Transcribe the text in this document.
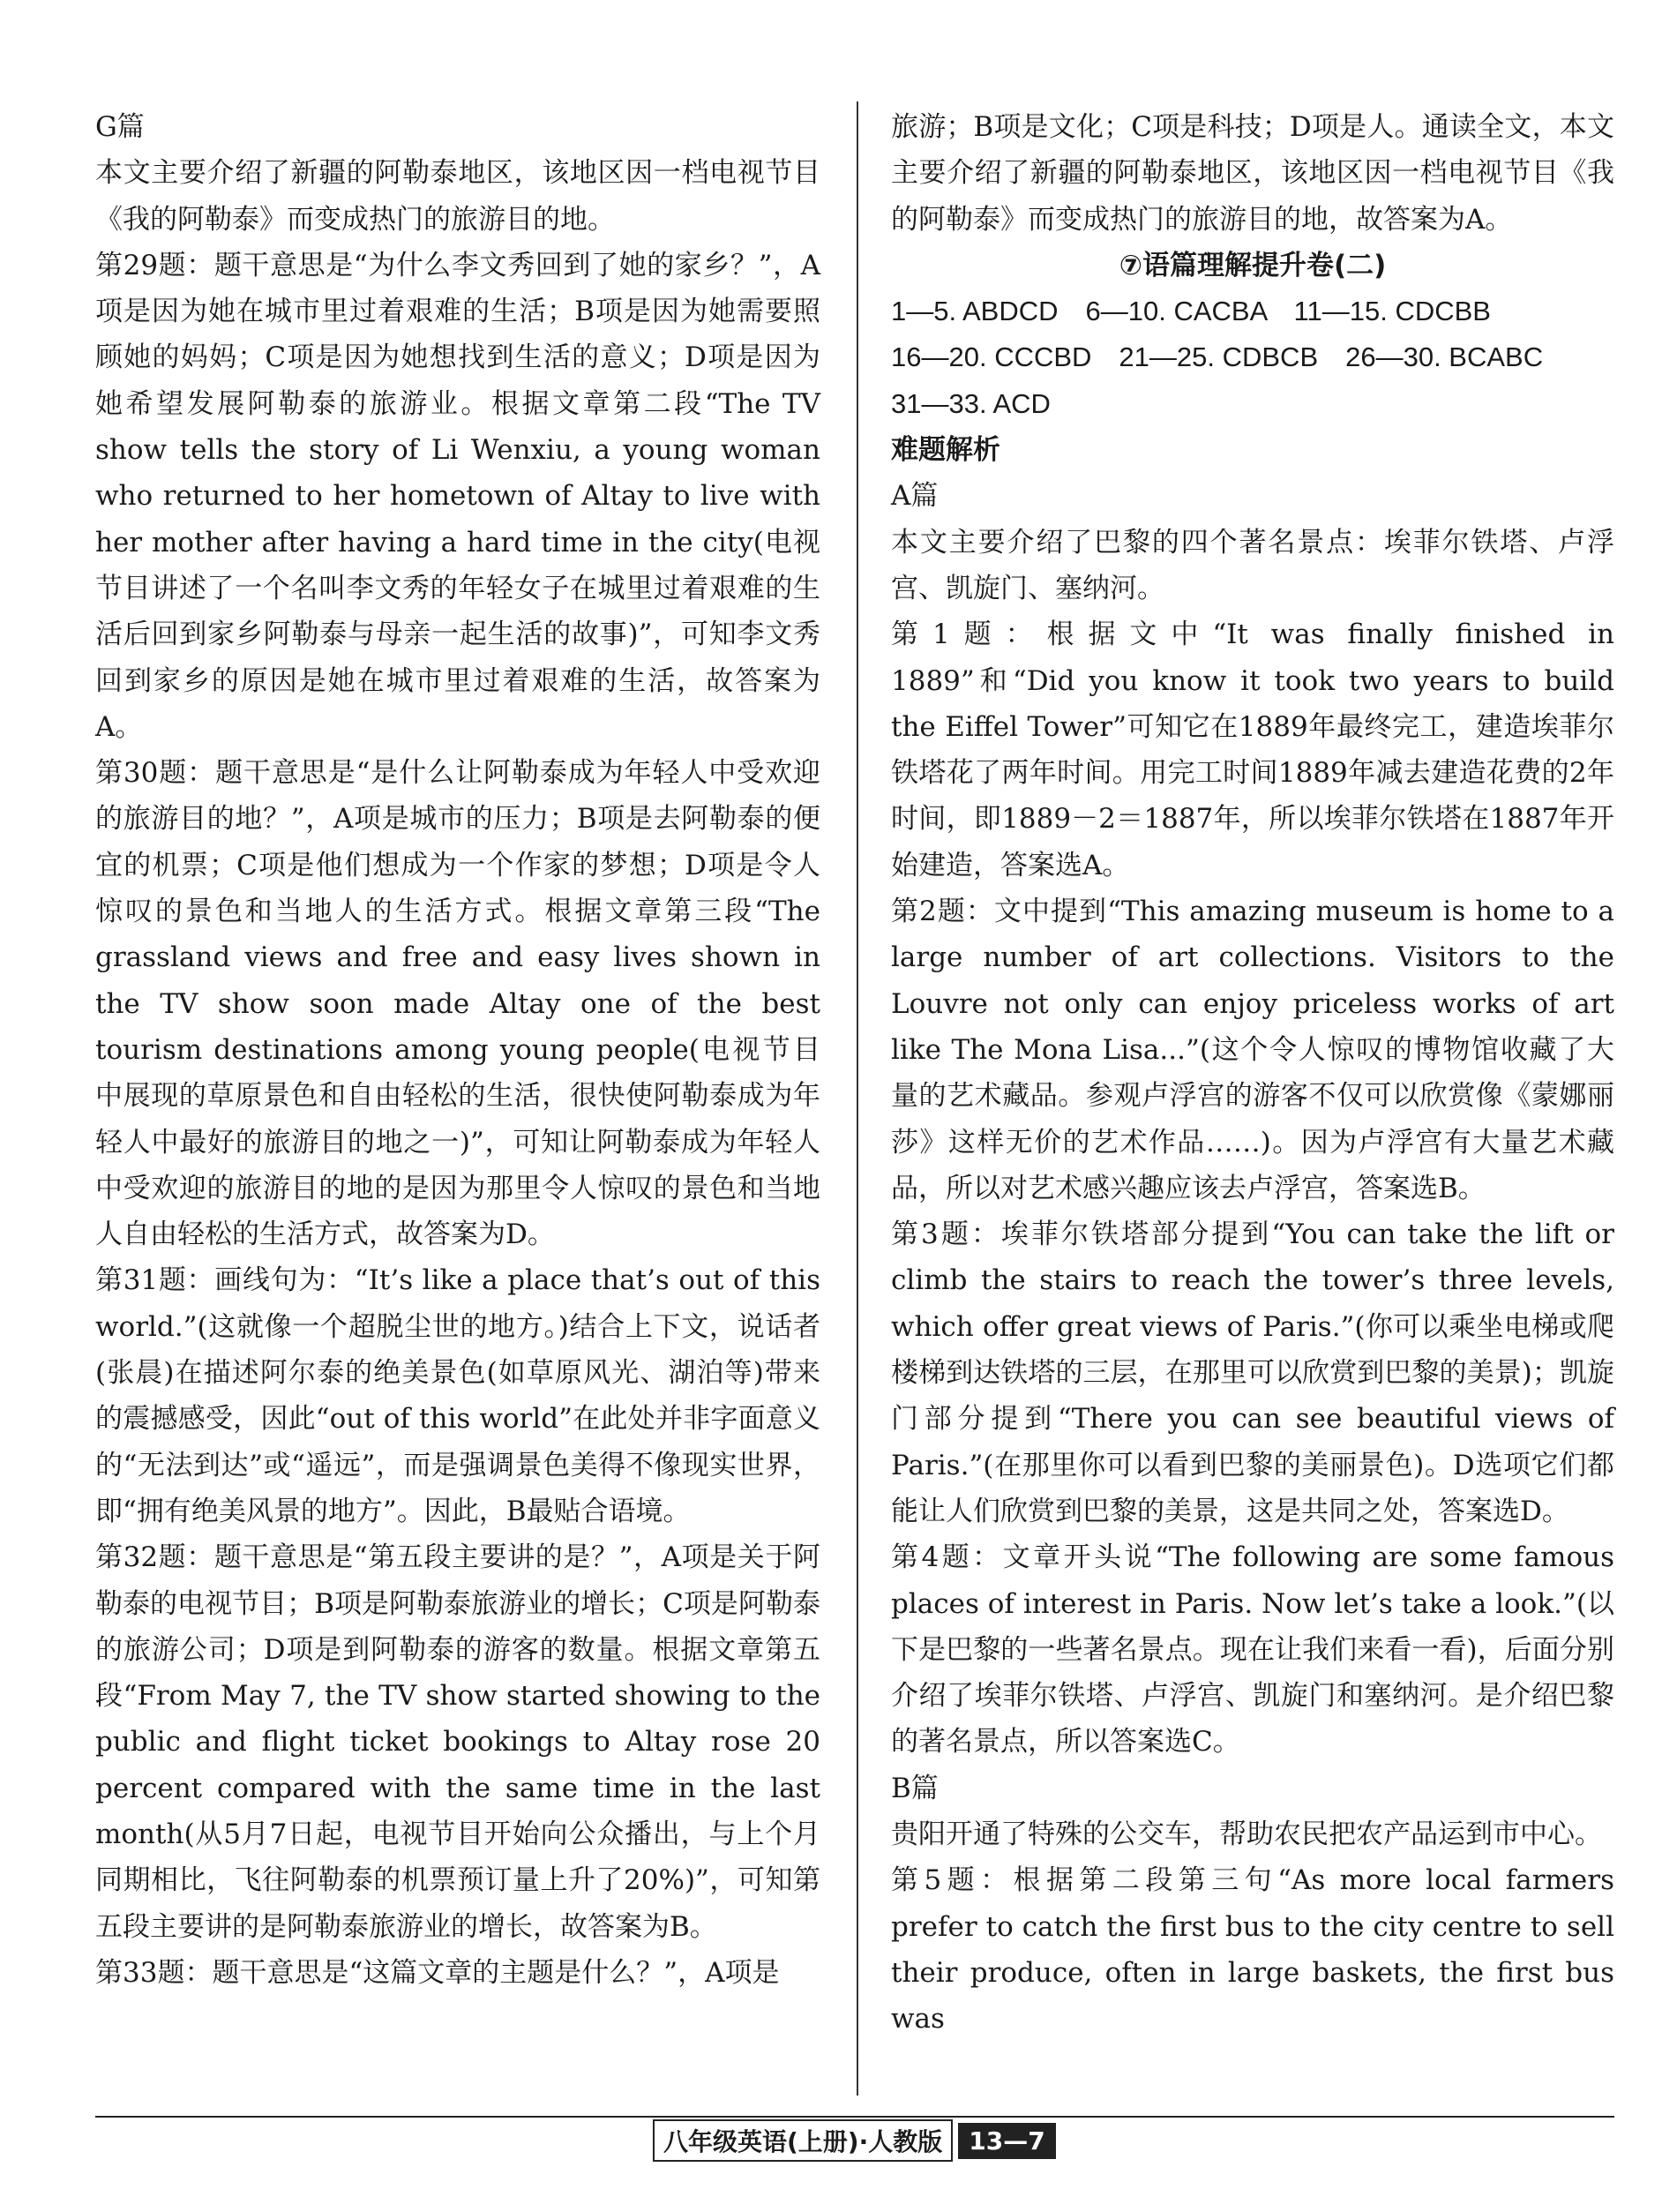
G篇

本文主要介绍了新疆的阿勒泰地区，该地区因一档电视节目《我的阿勒泰》而变成热门的旅游目的地。

第29题：题干意思是“为什么李文秀回到了她的家乡？”，A项是因为她在城市里过着艰难的生活；B项是因为她需要照顾她的妈妈；C项是因为她想找到生活的意义；D项是因为她希望发展阿勒泰的旅游业。根据文章第二段“The TV show tells the story of Li Wenxiu, a young woman who returned to her hometown of Altay to live with her mother after having a hard time in the city(电视节目讲述了一个名叫李文秀的年轻女子在城里过着艰难的生活后回到家乡阿勒泰与母亲一起生活的故事)”，可知李文秀回到家乡的原因是她在城市里过着艰难的生活，故答案为A。

第30题：题干意思是“是什么让阿勒泰成为年轻人中受欢迎的旅游目的地？”，A项是城市的压力；B项是去阿勒泰的便宜的机票；C项是他们想成为一个作家的梦想；D项是令人惊叹的景色和当地人的生活方式。根据文章第三段“The grassland views and free and easy lives shown in the TV show soon made Altay one of the best tourism destinations among young people(电视节目中展现的草原景色和自由轻松的生活，很快使阿勒泰成为年轻人中最好的旅游目的地之一)”，可知让阿勒泰成为年轻人中受欢迎的旅游目的地的是因为那里令人惊叹的景色和当地人自由轻松的生活方式，故答案为D。

第31题：画线句为：“It’s like a place that’s out of this world.”(这就像一个超脱尘世的地方。)结合上下文，说话者(张晨)在描述阿尔泰的绝美景色(如草原风光、湖泊等)带来的震撼感受，因此“out of this world”在此处并非字面意义的“无法到达”或“遥远”，而是强调景色美得不像现实世界，即“拥有绝美风景的地方”。因此，B最贴合语境。

第32题：题干意思是“第五段主要讲的是？”，A项是关于阿勒泰的电视节目；B项是阿勒泰旅游业的增长；C项是阿勒泰的旅游公司；D项是到阿勒泰的游客的数量。根据文章第五段“From May 7, the TV show started showing to the public and flight ticket bookings to Altay rose 20 percent compared with the same time in the last month(从5月7日起，电视节目开始向公众播出，与上个月同期相比，飞往阿勒泰的机票预订量上升了20%)”，可知第五段主要讲的是阿勒泰旅游业的增长，故答案为B。

第33题：题干意思是“这篇文章的主题是什么？”，A项是

旅游；B项是文化；C项是科技；D项是人。通读全文，本文主要介绍了新疆的阿勒泰地区，该地区因一档电视节目《我的阿勒泰》而变成热门的旅游目的地，故答案为A。

⑦语篇理解提升卷(二)

1—5. ABDCD　6—10. CACBA　11—15. CDCBB

16—20. CCCBD　21—25. CDBCB　26—30. BCABC

31—33. ACD

难题解析

A篇

本文主要介绍了巴黎的四个著名景点：埃菲尔铁塔、卢浮宫、凯旋门、塞纳河。

第1题：根据文中“It was finally finished in 1889”和“Did you know it took two years to build the Eiffel Tower”可知它在1889年最终完工，建造埃菲尔铁塔花了两年时间。用完工时间1889年减去建造花费的2年时间，即1889－2＝1887年，所以埃菲尔铁塔在1887年开始建造，答案选A。

第2题：文中提到“This amazing museum is home to a large number of art collections. Visitors to the Louvre not only can enjoy priceless works of art like The Mona Lisa...”(这个令人惊叹的博物馆收藏了大量的艺术藏品。参观卢浮宫的游客不仅可以欣赏像《蒙娜丽莎》这样无价的艺术作品……)。因为卢浮宫有大量艺术藏品，所以对艺术感兴趣应该去卢浮宫，答案选B。

第3题：埃菲尔铁塔部分提到“You can take the lift or climb the stairs to reach the tower’s three levels, which offer great views of Paris.”(你可以乘坐电梯或爬楼梯到达铁塔的三层，在那里可以欣赏到巴黎的美景)；凯旋门部分提到“There you can see beautiful views of Paris.”(在那里你可以看到巴黎的美丽景色)。D选项它们都能让人们欣赏到巴黎的美景，这是共同之处，答案选D。

第4题：文章开头说“The following are some famous places of interest in Paris. Now let’s take a look.”(以下是巴黎的一些著名景点。现在让我们来看一看)，后面分别介绍了埃菲尔铁塔、卢浮宫、凯旋门和塞纳河。是介绍巴黎的著名景点，所以答案选C。

B篇

贵阳开通了特殊的公交车，帮助农民把农产品运到市中心。

第5题：根据第二段第三句“As more local farmers prefer to catch the first bus to the city centre to sell their produce, often in large baskets, the first bus was

八年级英语(上册)·人教版	13—7
